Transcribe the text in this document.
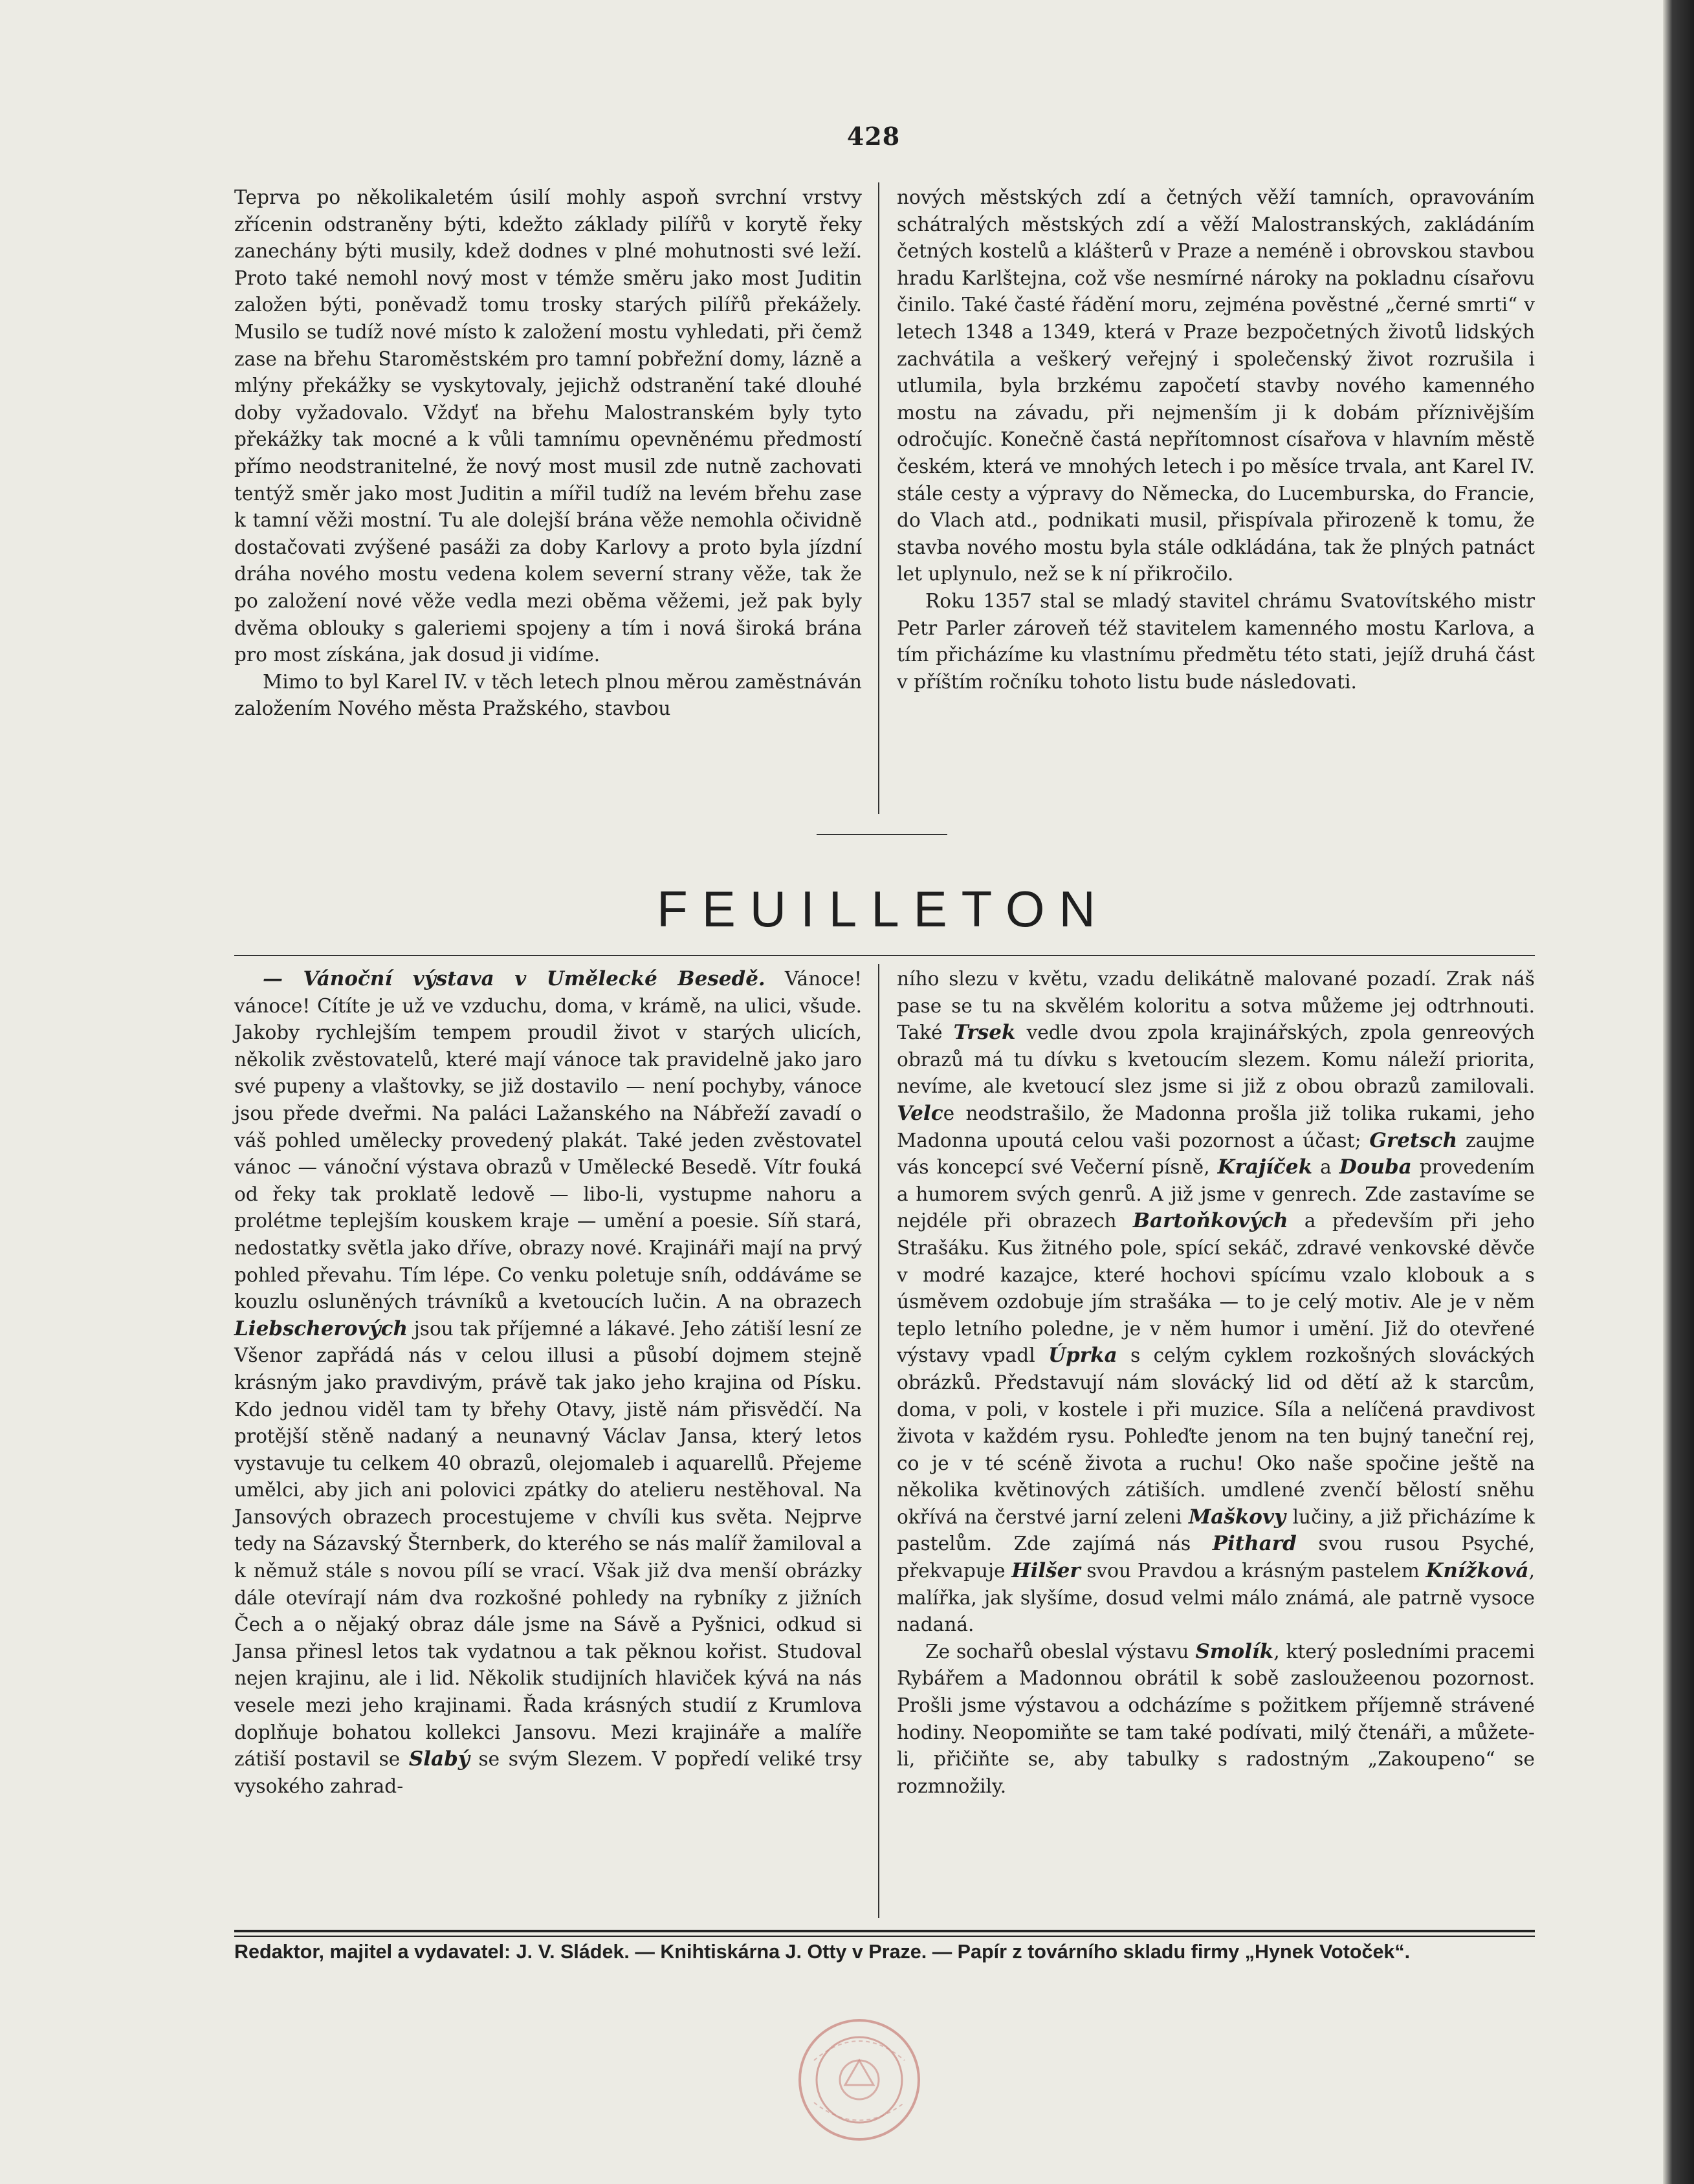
428

Teprva po několikaletém úsilí mohly aspoň svrchní vrstvy zřícenin odstraněny býti, kdežto základy pilířů v korytě řeky zanechány býti musily, kdež dodnes v plné mohutnosti své leží. Proto také nemohl nový most v témže směru jako most Juditin založen býti, poněvadž tomu trosky starých pilířů překážely. Musilo se tudíž nové místo k založení mostu vyhledati, při čemž zase na břehu Staroměstském pro tamní pobřežní domy, lázně a mlýny překážky se vyskytovaly, jejichž odstranění také dlouhé doby vyžadovalo. Vždyť na břehu Malostranském byly tyto překážky tak mocné a k vůli tamnímu opevněnému předmostí přímo neodstranitelné, že nový most musil zde nutně zachovati tentýž směr jako most Juditin a mířil tudíž na levém břehu zase k tamní věži mostní. Tu ale dolejší brána věže nemohla očividně dostačovati zvýšené pasáži za doby Karlovy a proto byla jízdní dráha nového mostu vedena kolem severní strany věže, tak že po založení nové věže vedla mezi oběma věžemi, jež pak byly dvěma oblouky s galeriemi spojeny a tím i nová široká brána pro most získána, jak dosud ji vidíme.

Mimo to byl Karel IV. v těch letech plnou měrou zaměstnáván založením Nového města Pražského, stavbou

nových městských zdí a četných věží tamních, opravováním schátralých městských zdí a věží Malostranských, zakládáním četných kostelů a klášterů v Praze a neméně i obrovskou stavbou hradu Karlštejna, což vše nesmírné nároky na pokladnu císařovu činilo. Také časté řádění moru, zejména pověstné „černé smrti“ v letech 1348 a 1349, která v Praze bezpočetných životů lidských zachvátila a veškerý veřejný i společenský život rozrušila i utlumila, byla brzkému započetí stavby nového kamenného mostu na závadu, při nejmenším ji k dobám příznivějším odročujíc. Konečně častá nepřítomnost císařova v hlavním městě českém, která ve mnohých letech i po měsíce trvala, ant Karel IV. stále cesty a výpravy do Německa, do Lucemburska, do Francie, do Vlach atd., podnikati musil, přispívala přirozeně k tomu, že stavba nového mostu byla stále odkládána, tak že plných patnáct let uplynulo, než se k ní přikročilo.

Roku 1357 stal se mladý stavitel chrámu Svatovítského mistr Petr Parler zároveň též stavitelem kamenného mostu Karlova, a tím přicházíme ku vlastnímu předmětu této stati, jejíž druhá část v příštím ročníku tohoto listu bude následovati.

FEUILLETON

— Vánoční výstava v Umělecké Besedě. Vánoce! vánoce! Cítíte je už ve vzduchu, doma, v krámě, na ulici, všude. Jakoby rychlejším tempem proudil život v starých ulicích, několik zvěstovatelů, které mají vánoce tak pravidelně jako jaro své pupeny a vlaštovky, se již dostavilo — není pochyby, vánoce jsou přede dveřmi. Na paláci Lažanského na Nábřeží zavadí o váš pohled umělecky provedený plakát. Také jeden zvěstovatel vánoc — vánoční výstava obrazů v Umělecké Besedě. Vítr fouká od řeky tak proklatě ledově — libo-li, vystupme nahoru a prolétme teplejším kouskem kraje — umění a poesie. Síň stará, nedostatky světla jako dříve, obrazy nové. Krajináři mají na prvý pohled převahu. Tím lépe. Co venku poletuje sníh, oddáváme se kouzlu osluněných trávníků a kvetoucích lučin. A na obrazech Liebscherových jsou tak příjemné a lákavé. Jeho zátiší lesní ze Všenor zapřádá nás v celou illusi a působí dojmem stejně krásným jako pravdivým, právě tak jako jeho krajina od Písku. Kdo jednou viděl tam ty břehy Otavy, jistě nám přisvědčí. Na protější stěně nadaný a neunavný Václav Jansa, který letos vystavuje tu celkem 40 obrazů, olejomaleb i aquarellů. Přejeme umělci, aby jich ani polovici zpátky do atelieru nestěhoval. Na Jansových obrazech procestujeme v chvíli kus světa. Nejprve tedy na Sázavský Šternberk, do kterého se nás malíř žamiloval a k němuž stále s novou pílí se vrací. Však již dva menší obrázky dále otevírají nám dva rozkošné pohledy na rybníky z jižních Čech a o nějaký obraz dále jsme na Sávě a Pyšnici, odkud si Jansa přinesl letos tak vydatnou a tak pěknou kořist. Studoval nejen krajinu, ale i lid. Několik studijních hlaviček kývá na nás vesele mezi jeho krajinami. Řada krásných studií z Krumlova doplňuje bohatou kollekci Jansovu. Mezi krajináře a malíře zátiší postavil se Slabý se svým Slezem. V popředí veliké trsy vysokého zahrad-

ního slezu v květu, vzadu delikátně malované pozadí. Zrak náš pase se tu na skvělém koloritu a sotva můžeme jej odtrhnouti. Také Trsek vedle dvou zpola krajinářských, zpola genreových obrazů má tu dívku s kvetoucím slezem. Komu náleží priorita, nevíme, ale kvetoucí slez jsme si již z obou obrazů zamilovali. Velce neodstrašilo, že Madonna prošla již tolika rukami, jeho Madonna upoutá celou vaši pozornost a účast; Gretsch zaujme vás koncepcí své Večerní písně, Krajíček a Douba provedením a humorem svých genrů. A již jsme v genrech. Zde zastavíme se nejdéle při obrazech Bartoňkových a především při jeho Strašáku. Kus žitného pole, spící sekáč, zdravé venkovské děvče v modré kazajce, které hochovi spícímu vzalo klobouk a s úsměvem ozdobuje jím strašáka — to je celý motiv. Ale je v něm teplo letního poledne, je v něm humor i umění. Již do otevřené výstavy vpadl Úprka s celým cyklem rozkošných slováckých obrázků. Představují nám slovácký lid od dětí až k starcům, doma, v poli, v kostele i při muzice. Síla a nelíčená pravdivost života v každém rysu. Pohleďte jenom na ten bujný taneční rej, co je v té scéně života a ruchu! Oko naše spočine ještě na několika květinových zátiších. umdlené zvenčí bělostí sněhu okřívá na čerstvé jarní zeleni Maškovy lučiny, a již přicházíme k pastelům. Zde zajímá nás Pithard svou rusou Psyché, překvapuje Hilšer svou Pravdou a krásným pastelem Knížková, malířka, jak slyšíme, dosud velmi málo známá, ale patrně vysoce nadaná.

Ze sochařů obeslal výstavu Smolík, který posledními pracemi Rybářem a Madonnou obrátil k sobě zasloužeenou pozornost. Prošli jsme výstavou a odcházíme s požitkem příjemně strávené hodiny. Neopomiňte se tam také podívati, milý čtenáři, a můžete-li, přičiňte se, aby tabulky s radostným „Zakoupeno“ se rozmnožily.

Redaktor, majitel a vydavatel: J. V. Sládek. — Knihtiskárna J. Otty v Praze. — Papír z továrního skladu firmy „Hynek Votoček“.
